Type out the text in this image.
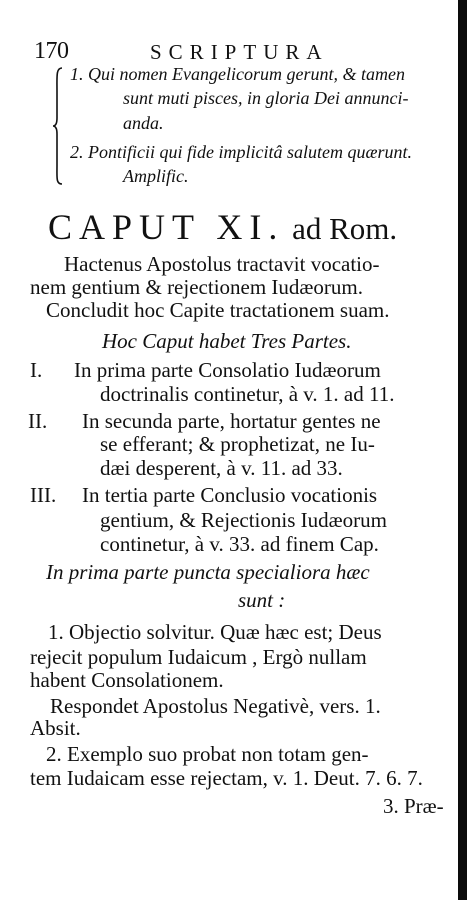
170	SCRIPTURA
1. Qui nomen Evangelicorum gerunt, & tamen
sunt muti pisces, in gloria Dei annunci-
anda.
2. Pontificii qui fide implicitâ salutem quærunt.
Amplific.
CAPUT XI. ad Rom.
Hactenus Apostolus tractavit vocatio-
nem gentium & rejectionem Iudæorum.
Concludit hoc Capite tractationem suam.
Hoc Caput habet Tres Partes.
I. In prima parte Consolatio Iudæorum
doctrinalis continetur, à v. 1. ad 11.
II. In secunda parte, hortatur gentes ne
se efferant; & prophetizat, ne Iu-
dæi desperent, à v. 11. ad 33.
III. In tertia parte Conclusio vocationis
gentium, & Rejectionis Iudæorum
continetur, à v. 33. ad finem Cap.
In prima parte puncta specialiora hæc
sunt :
1. Objectio solvitur. Quæ hæc est; Deus
rejecit populum Iudaicum , Ergò nullam
habent Consolationem.
Respondet Apostolus Negativè, vers. 1.
Absit.
2. Exemplo suo probat non totam gen-
tem Iudaicam esse rejectam, v. 1. Deut. 7. 6. 7.
3. Præ-
